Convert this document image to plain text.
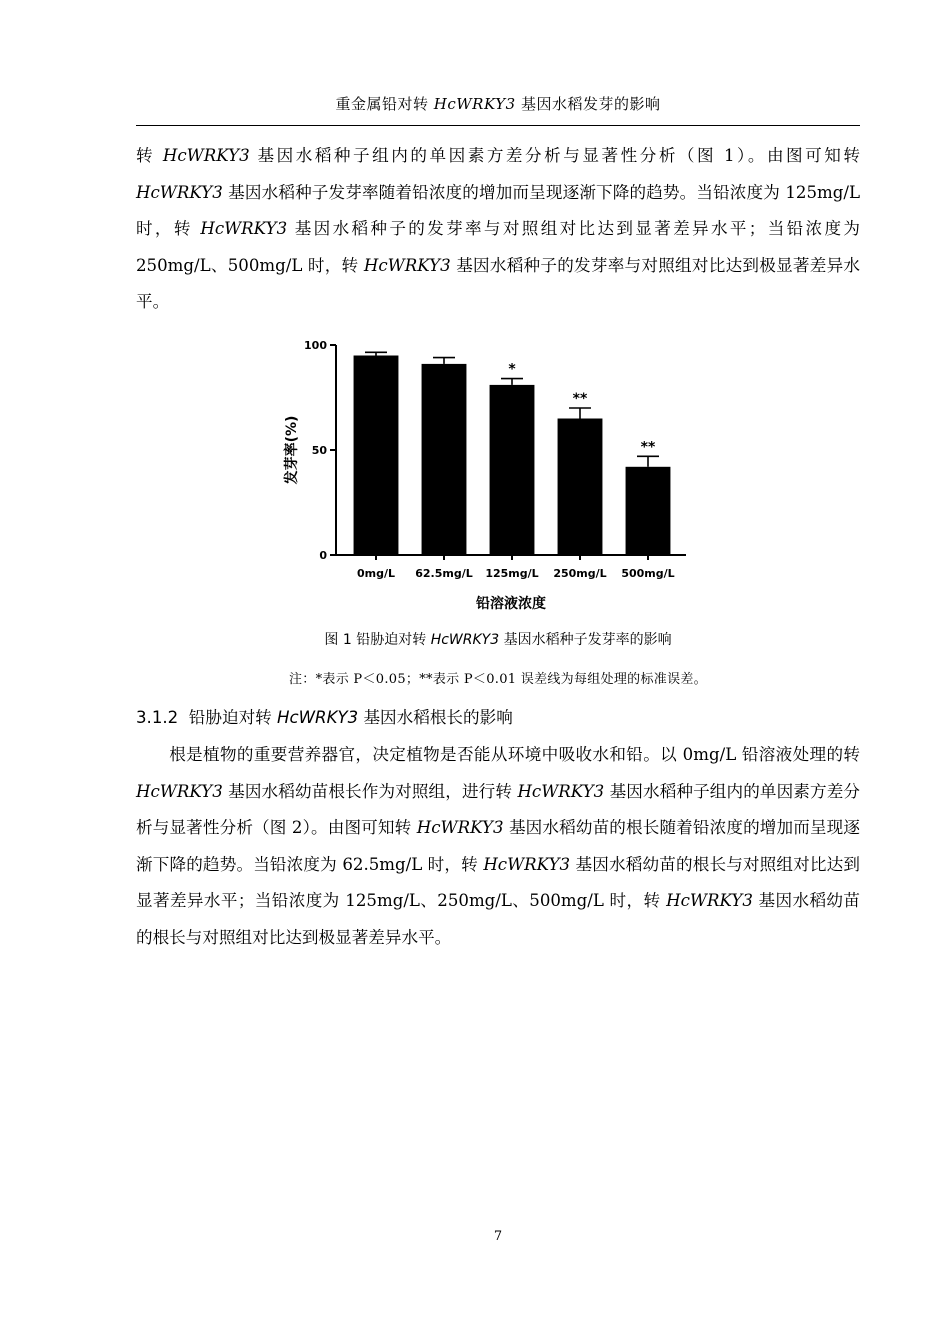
重金属铅对转 HcWRKY3 基因水稻发芽的影响

转 HcWRKY3 基因水稻种子组内的单因素方差分析与显著性分析（图 1）。由图可知转 HcWRKY3 基因水稻种子发芽率随着铅浓度的增加而呈现逐渐下降的趋势。当铅浓度为 125mg/L 时，转 HcWRKY3 基因水稻种子的发芽率与对照组对比达到显著差异水平；当铅浓度为 250mg/L、500mg/L 时，转 HcWRKY3 基因水稻种子的发芽率与对照组对比达到极显著差异水平。

0
50
100
*
**
**
0mg/L 62.5mg/L 125mg/L 250mg/L 500mg/L
发芽率(%)
铅溶液浓度
图 1 铅胁迫对转 HcWRKY3 基因水稻种子发芽率的影响
注：*表示 P＜0.05；**表示 P＜0.01 误差线为每组处理的标准误差。
3.1.2 铅胁迫对转 HcWRKY3 基因水稻根长的影响

根是植物的重要营养器官，决定植物是否能从环境中吸收水和铅。以 0mg/L 铅溶液处理的转 HcWRKY3 基因水稻幼苗根长作为对照组，进行转 HcWRKY3 基因水稻种子组内的单因素方差分析与显著性分析（图 2）。由图可知转 HcWRKY3 基因水稻幼苗的根长随着铅浓度的增加而呈现逐渐下降的趋势。当铅浓度为 62.5mg/L 时，转 HcWRKY3 基因水稻幼苗的根长与对照组对比达到显著差异水平；当铅浓度为 125mg/L、250mg/L、500mg/L 时，转 HcWRKY3 基因水稻幼苗的根长与对照组对比达到极显著差异水平。

7
